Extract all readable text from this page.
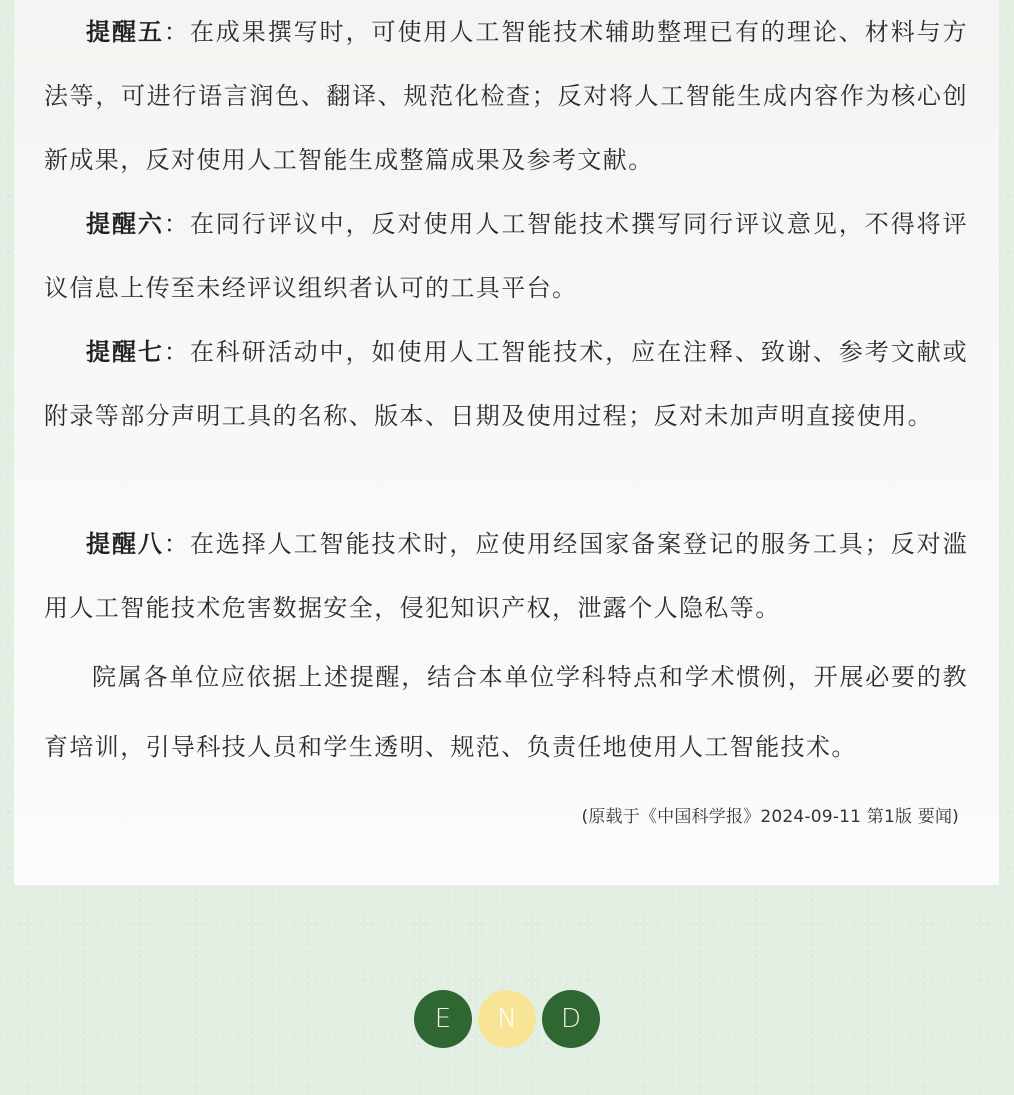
提醒五：在成果撰写时，可使用人工智能技术辅助整理已有的理论、材料与方法等，可进行语言润色、翻译、规范化检查；反对将人工智能生成内容作为核心创新成果，反对使用人工智能生成整篇成果及参考文献。

提醒六：在同行评议中，反对使用人工智能技术撰写同行评议意见，不得将评议信息上传至未经评议组织者认可的工具平台。

提醒七：在科研活动中，如使用人工智能技术，应在注释、致谢、参考文献或附录等部分声明工具的名称、版本、日期及使用过程；反对未加声明直接使用。

提醒八：在选择人工智能技术时，应使用经国家备案登记的服务工具；反对滥用人工智能技术危害数据安全，侵犯知识产权，泄露个人隐私等。

院属各单位应依据上述提醒，结合本单位学科特点和学术惯例，开展必要的教育培训，引导科技人员和学生透明、规范、负责任地使用人工智能技术。

(原载于《中国科学报》2024-09-11 第1版 要闻)
E	N	D
